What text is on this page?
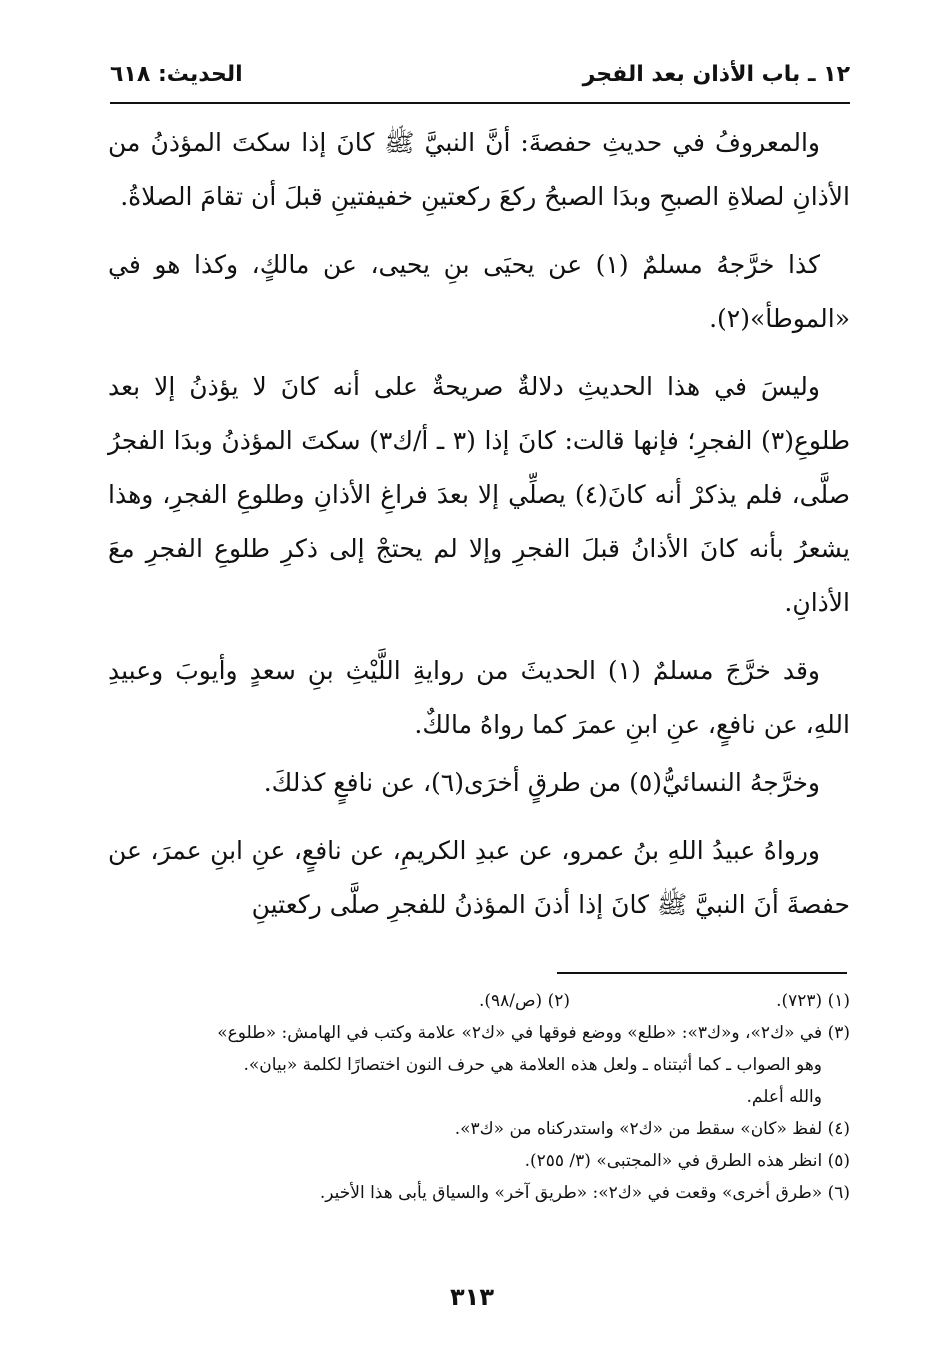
١٢ ـ باب الأذان بعد الفجر
الحديث: ٦١٨

والمعروفُ في حديثِ حفصةَ: أنَّ النبيَّ ﷺ كانَ إذا سكتَ المؤذنُ من الأذانِ لصلاةِ الصبحِ وبدَا الصبحُ ركعَ ركعتينِ خفيفتينِ قبلَ أن تقامَ الصلاةُ.

كذا خرَّجهُ مسلمٌ (١) عن يحيَى بنِ يحيى، عن مالكٍ، وكذا هو في «الموطأ»(٢).

وليسَ في هذا الحديثِ دلالةٌ صريحةٌ على أنه كانَ لا يؤذنُ إلا بعد طلوعِ(٣) الفجرِ؛ فإنها قالت: كانَ إذا (٣ ـ أ/ك٣) سكتَ المؤذنُ وبدَا الفجرُ صلَّى، فلم يذكرْ أنه كانَ(٤) يصلِّي إلا بعدَ فراغِ الأذانِ وطلوعِ الفجرِ، وهذا يشعرُ بأنه كانَ الأذانُ قبلَ الفجرِ وإلا لم يحتجْ إلى ذكرِ طلوعِ الفجرِ معَ الأذانِ.

وقد خرَّجَ مسلمٌ (١) الحديثَ من روايةِ اللَّيْثِ بنِ سعدٍ وأيوبَ وعبيدِ اللهِ، عن نافعٍ، عنِ ابنِ عمرَ كما رواهُ مالكٌ.

وخرَّجهُ النسائيُّ(٥) من طرقٍ أخرَى(٦)، عن نافعٍ كذلكَ.

ورواهُ عبيدُ اللهِ بنُ عمرو، عن عبدِ الكريمِ، عن نافعٍ، عنِ ابنِ عمرَ، عن حفصةَ أنَ النبيَّ ﷺ كانَ إذا أذنَ المؤذنُ للفجرِ صلَّى ركعتينِ

(١) (٧٢٣).
(٢) (ص/٩٨).

(٣) في «ك٢»، و«ك٣»: «طلع» ووضع فوقها في «ك٢» علامة وكتب في الهامش: «طلوع»
وهو الصواب ـ كما أثبتناه ـ ولعل هذه العلامة هي حرف النون اختصارًا لكلمة «بيان».
والله أعلم.

(٤) لفظ «كان» سقط من «ك٢» واستدركناه من «ك٣».

(٥) انظر هذه الطرق في «المجتبى» (٣/ ٢٥٥).

(٦) «طرق أخرى» وقعت في «ك٢»: «طريق آخر» والسياق يأبى هذا الأخير.

٣١٣
